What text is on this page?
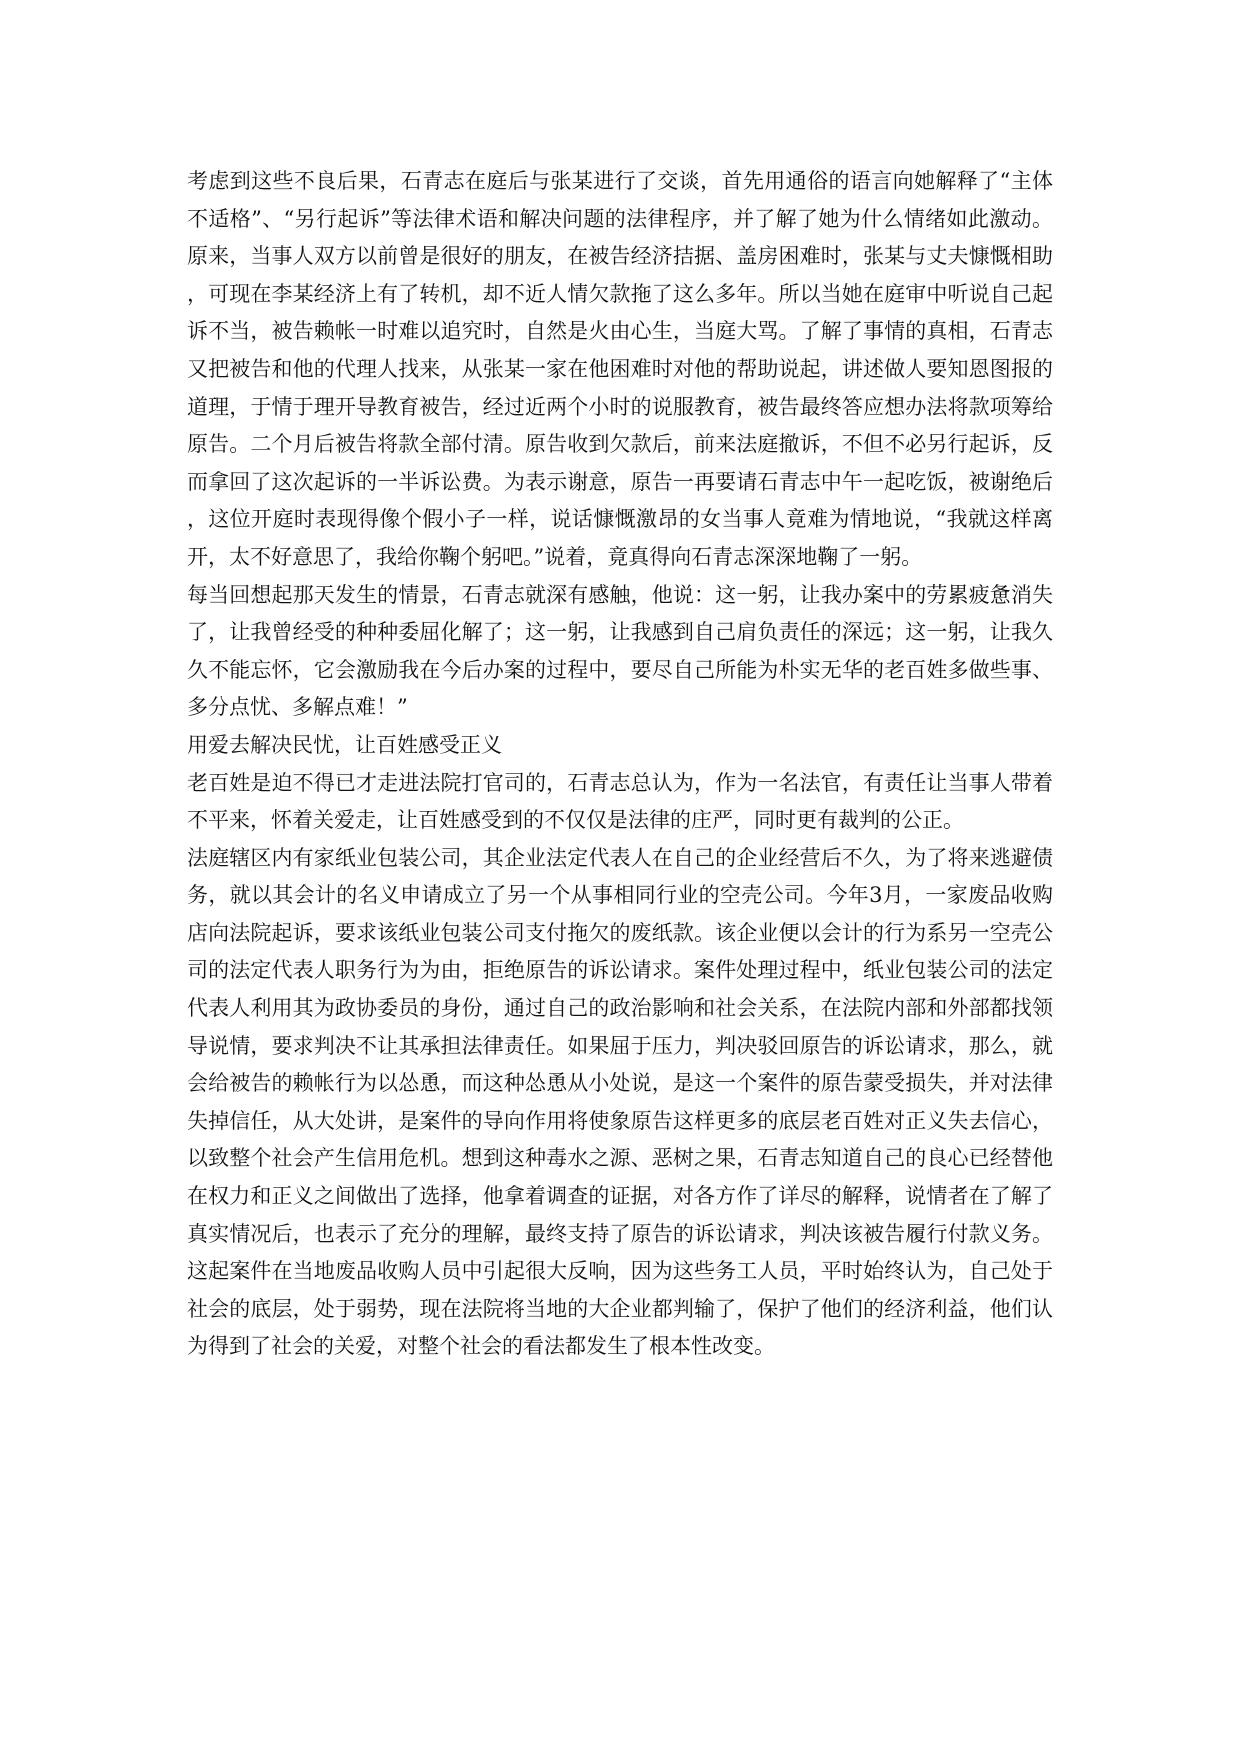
考虑到这些不良后果，石青志在庭后与张某进行了交谈，首先用通俗的语言向她解释了“主体不适格”、“另行起诉”等法律术语和解决问题的法律程序，并了解了她为什么情绪如此激动。原来，当事人双方以前曾是很好的朋友，在被告经济拮据、盖房困难时，张某与丈夫慷慨相助，可现在李某经济上有了转机，却不近人情欠款拖了这么多年。所以当她在庭审中听说自己起诉不当，被告赖帐一时难以追究时，自然是火由心生，当庭大骂。了解了事情的真相，石青志又把被告和他的代理人找来，从张某一家在他困难时对他的帮助说起，讲述做人要知恩图报的道理，于情于理开导教育被告，经过近两个小时的说服教育，被告最终答应想办法将款项筹给原告。二个月后被告将款全部付清。原告收到欠款后，前来法庭撤诉，不但不必另行起诉，反而拿回了这次起诉的一半诉讼费。为表示谢意，原告一再要请石青志中午一起吃饭，被谢绝后，这位开庭时表现得像个假小子一样，说话慷慨激昂的女当事人竟难为情地说，“我就这样离开，太不好意思了，我给你鞠个躬吧。”说着，竟真得向石青志深深地鞠了一躬。

每当回想起那天发生的情景，石青志就深有感触，他说：这一躬，让我办案中的劳累疲惫消失了，让我曾经受的种种委屈化解了；这一躬，让我感到自己肩负责任的深远；这一躬，让我久久不能忘怀，它会激励我在今后办案的过程中，要尽自己所能为朴实无华的老百姓多做些事、多分点忧、多解点难！”

用爱去解决民忧，让百姓感受正义

老百姓是迫不得已才走进法院打官司的，石青志总认为，作为一名法官，有责任让当事人带着不平来，怀着关爱走，让百姓感受到的不仅仅是法律的庄严，同时更有裁判的公正。

法庭辖区内有家纸业包装公司，其企业法定代表人在自己的企业经营后不久，为了将来逃避债务，就以其会计的名义申请成立了另一个从事相同行业的空壳公司。今年3月，一家废品收购店向法院起诉，要求该纸业包装公司支付拖欠的废纸款。该企业便以会计的行为系另一空壳公司的法定代表人职务行为为由，拒绝原告的诉讼请求。案件处理过程中，纸业包装公司的法定代表人利用其为政协委员的身份，通过自己的政治影响和社会关系，在法院内部和外部都找领导说情，要求判决不让其承担法律责任。如果屈于压力，判决驳回原告的诉讼请求，那么，就会给被告的赖帐行为以怂恿，而这种怂恿从小处说，是这一个案件的原告蒙受损失，并对法律失掉信任，从大处讲，是案件的导向作用将使象原告这样更多的底层老百姓对正义失去信心，以致整个社会产生信用危机。想到这种毒水之源、恶树之果，石青志知道自己的良心已经替他在权力和正义之间做出了选择，他拿着调查的证据，对各方作了详尽的解释，说情者在了解了真实情况后，也表示了充分的理解，最终支持了原告的诉讼请求，判决该被告履行付款义务。这起案件在当地废品收购人员中引起很大反响，因为这些务工人员，平时始终认为，自己处于社会的底层，处于弱势，现在法院将当地的大企业都判输了，保护了他们的经济利益，他们认为得到了社会的关爱，对整个社会的看法都发生了根本性改变。
